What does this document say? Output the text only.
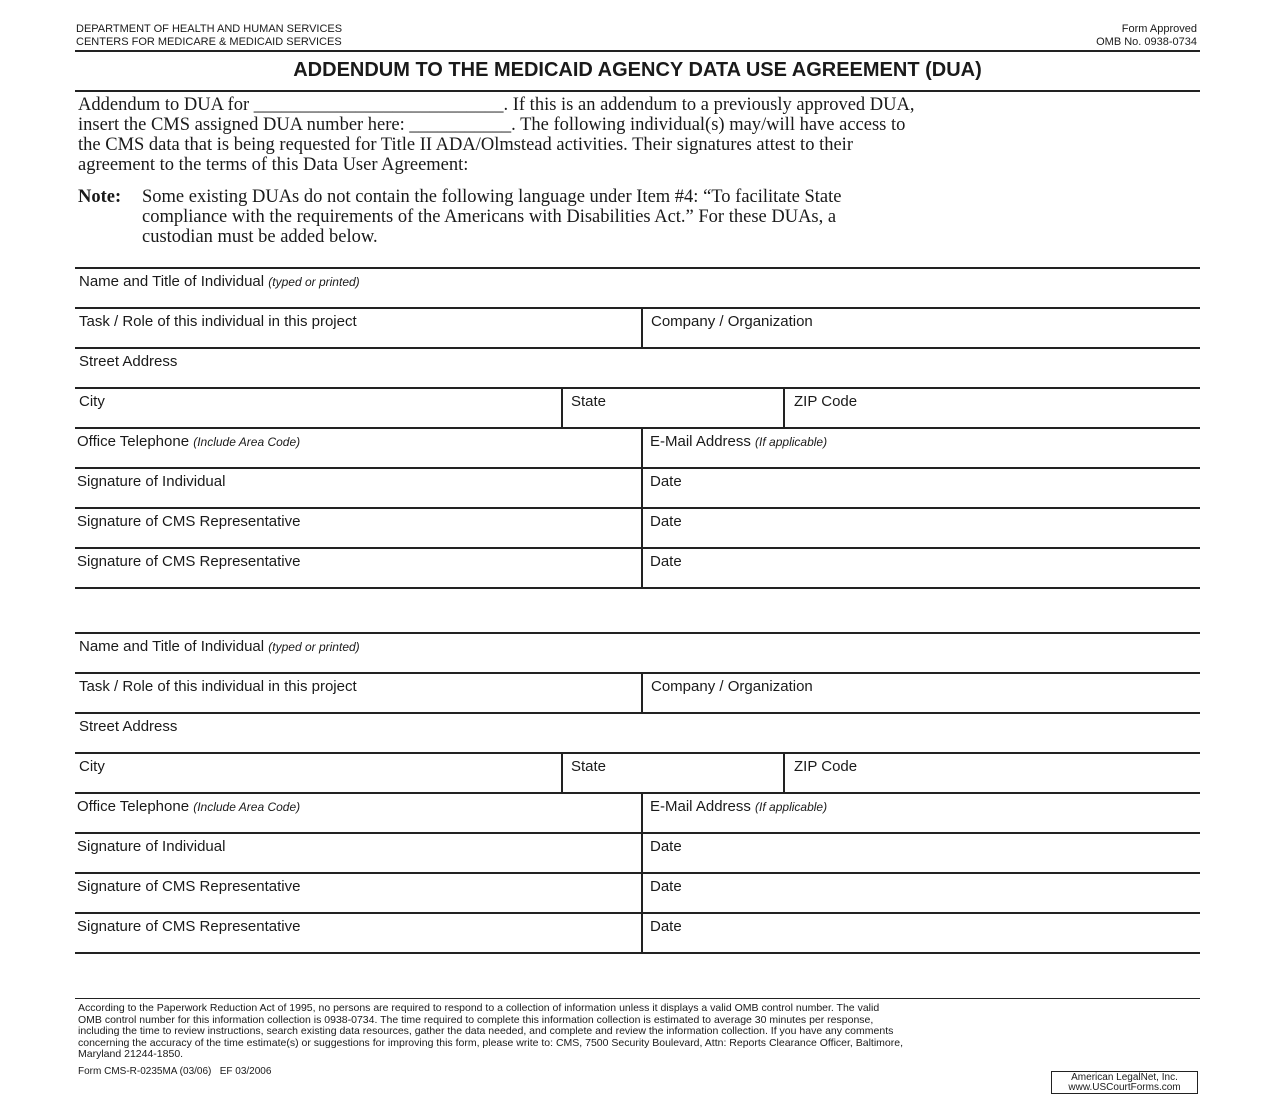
DEPARTMENT OF HEALTH AND HUMAN SERVICES
CENTERS FOR MEDICARE & MEDICAID SERVICES
Form Approved
OMB No. 0938-0734
ADDENDUM TO THE MEDICAID AGENCY DATA USE AGREEMENT (DUA)
Addendum to DUA for ___________________________. If this is an addendum to a previously approved DUA,
insert the CMS assigned DUA number here: ___________. The following individual(s) may/will have access to
the CMS data that is being requested for Title II ADA/Olmstead activities. Their signatures attest to their
agreement to the terms of this Data User Agreement:
Note: Some existing DUAs do not contain the following language under Item #4: “To facilitate State
compliance with the requirements of the Americans with Disabilities Act.” For these DUAs, a
custodian must be added below.
Name and Title of Individual (typed or printed)
Task / Role of this individual in this project	Company / Organization
Street Address
City	State	ZIP Code
Office Telephone (Include Area Code)	E-Mail Address (If applicable)
Signature of Individual	Date
Signature of CMS Representative	Date
Signature of CMS Representative	Date
Name and Title of Individual (typed or printed)
Task / Role of this individual in this project	Company / Organization
Street Address
City	State	ZIP Code
Office Telephone (Include Area Code)	E-Mail Address (If applicable)
Signature of Individual	Date
Signature of CMS Representative	Date
Signature of CMS Representative	Date
According to the Paperwork Reduction Act of 1995, no persons are required to respond to a collection of information unless it displays a valid OMB control number. The valid
OMB control number for this information collection is 0938-0734. The time required to complete this information collection is estimated to average 30 minutes per response,
including the time to review instructions, search existing data resources, gather the data needed, and complete and review the information collection. If you have any comments
concerning the accuracy of the time estimate(s) or suggestions for improving this form, please write to: CMS, 7500 Security Boulevard, Attn: Reports Clearance Officer, Baltimore,
Maryland 21244-1850.
Form CMS-R-0235MA (03/06)   EF 03/2006
American LegalNet, Inc.
www.USCourtForms.com
